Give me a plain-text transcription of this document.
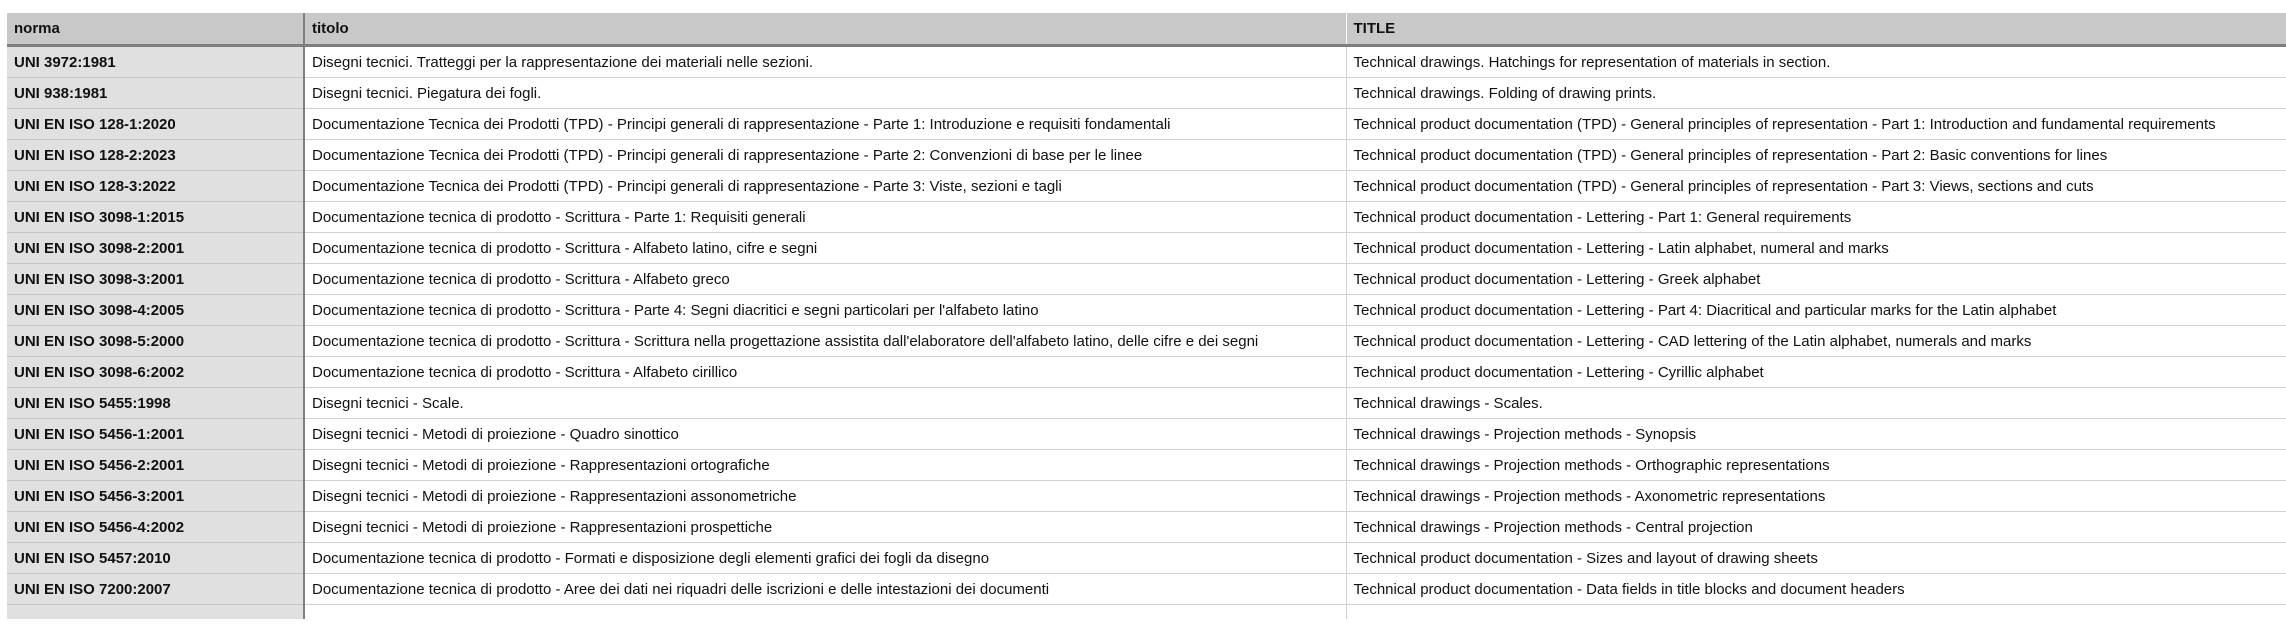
norma	titolo	TITLE
UNI 3972:1981	Disegni tecnici. Tratteggi per la rappresentazione dei materiali nelle sezioni.	Technical drawings. Hatchings for representation of materials in section.
UNI 938:1981	Disegni tecnici. Piegatura dei fogli.	Technical drawings. Folding of drawing prints.
UNI EN ISO 128-1:2020	Documentazione Tecnica dei Prodotti (TPD) - Principi generali di rappresentazione - Parte 1: Introduzione e requisiti fondamentali	Technical product documentation (TPD) - General principles of representation - Part 1: Introduction and fundamental requirements
UNI EN ISO 128-2:2023	Documentazione Tecnica dei Prodotti (TPD) - Principi generali di rappresentazione - Parte 2: Convenzioni di base per le linee	Technical product documentation (TPD) - General principles of representation - Part 2: Basic conventions for lines
UNI EN ISO 128-3:2022	Documentazione Tecnica dei Prodotti (TPD) - Principi generali di rappresentazione - Parte 3: Viste, sezioni e tagli	Technical product documentation (TPD) - General principles of representation - Part 3: Views, sections and cuts
UNI EN ISO 3098-1:2015	Documentazione tecnica di prodotto - Scrittura - Parte 1: Requisiti generali	Technical product documentation - Lettering - Part 1: General requirements
UNI EN ISO 3098-2:2001	Documentazione tecnica di prodotto - Scrittura - Alfabeto latino, cifre e segni	Technical product documentation - Lettering - Latin alphabet, numeral and marks
UNI EN ISO 3098-3:2001	Documentazione tecnica di prodotto - Scrittura - Alfabeto greco	Technical product documentation - Lettering - Greek alphabet
UNI EN ISO 3098-4:2005	Documentazione tecnica di prodotto - Scrittura - Parte 4: Segni diacritici e segni particolari per l'alfabeto latino	Technical product documentation - Lettering - Part 4: Diacritical and particular marks for the Latin alphabet
UNI EN ISO 3098-5:2000	Documentazione tecnica di prodotto - Scrittura - Scrittura nella progettazione assistita dall'elaboratore dell'alfabeto latino, delle cifre e dei segni	Technical product documentation - Lettering - CAD lettering of the Latin alphabet, numerals and marks
UNI EN ISO 3098-6:2002	Documentazione tecnica di prodotto - Scrittura - Alfabeto cirillico	Technical product documentation - Lettering - Cyrillic alphabet
UNI EN ISO 5455:1998	Disegni tecnici - Scale.	Technical drawings - Scales.
UNI EN ISO 5456-1:2001	Disegni tecnici - Metodi di proiezione - Quadro sinottico	Technical drawings - Projection methods - Synopsis
UNI EN ISO 5456-2:2001	Disegni tecnici - Metodi di proiezione - Rappresentazioni ortografiche	Technical drawings - Projection methods - Orthographic representations
UNI EN ISO 5456-3:2001	Disegni tecnici - Metodi di proiezione - Rappresentazioni assonometriche	Technical drawings - Projection methods - Axonometric representations
UNI EN ISO 5456-4:2002	Disegni tecnici - Metodi di proiezione - Rappresentazioni prospettiche	Technical drawings - Projection methods - Central projection
UNI EN ISO 5457:2010	Documentazione tecnica di prodotto - Formati e disposizione degli elementi grafici dei fogli da disegno	Technical product documentation - Sizes and layout of drawing sheets
UNI EN ISO 7200:2007	Documentazione tecnica di prodotto - Aree dei dati nei riquadri delle iscrizioni e delle intestazioni dei documenti	Technical product documentation - Data fields in title blocks and document headers
